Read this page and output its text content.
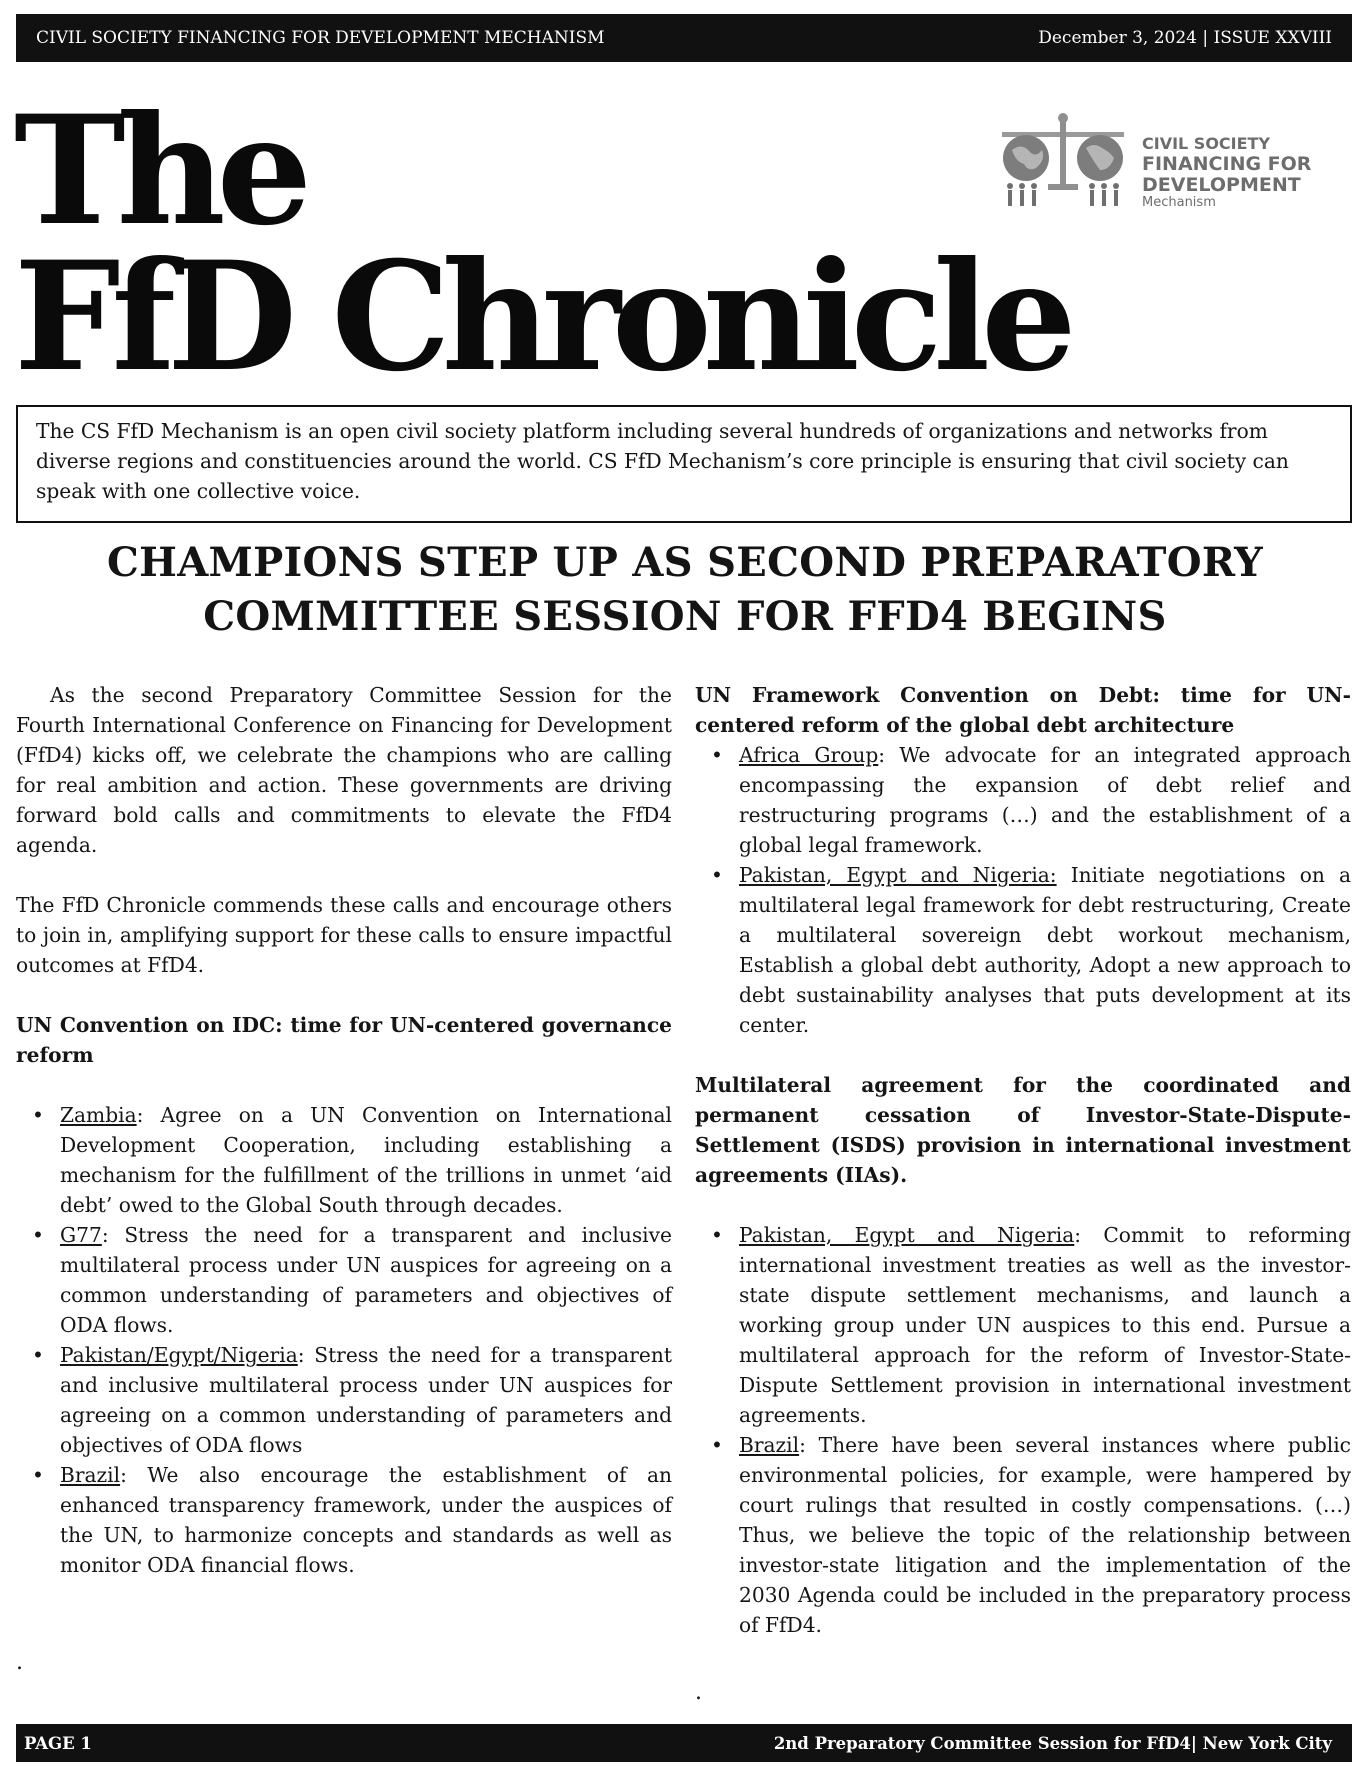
CIVIL SOCIETY FINANCING FOR DEVELOPMENT MECHANISM	December 3, 2024 | ISSUE XXVIII
The
FfD Chronicle
CIVIL SOCIETY
FINANCING FOR
DEVELOPMENT
Mechanism
The CS FfD Mechanism is an open civil society platform including several hundreds of organizations and networks from diverse regions and constituencies around the world. CS FfD Mechanism’s core principle is ensuring that civil society can speak with one collective voice.
CHAMPIONS STEP UP AS SECOND PREPARATORY
COMMITTEE SESSION FOR FFD4 BEGINS

As the second Preparatory Committee Session for the Fourth International Conference on Financing for Development (FfD4) kicks off, we celebrate the champions who are calling for real ambition and action. These governments are driving forward bold calls and commitments to elevate the FfD4 agenda.

The FfD Chronicle commends these calls and encourage others to join in, amplifying support for these calls to ensure impactful outcomes at FfD4.

UN Convention on IDC: time for UN-centered governance reform

• Zambia: Agree on a UN Convention on International Development Cooperation, including establishing a mechanism for the fulfillment of the trillions in unmet ‘aid debt’ owed to the Global South through decades.
• G77: Stress the need for a transparent and inclusive multilateral process under UN auspices for agreeing on a common understanding of parameters and objectives of ODA flows.
• Pakistan/Egypt/Nigeria: Stress the need for a transparent and inclusive multilateral process under UN auspices for agreeing on a common understanding of parameters and objectives of ODA flows
• Brazil: We also encourage the establishment of an enhanced transparency framework, under the auspices of the UN, to harmonize concepts and standards as well as monitor ODA financial flows.
.

UN Framework Convention on Debt: time for UN-centered reform of the global debt architecture

• Africa Group: We advocate for an integrated approach encompassing the expansion of debt relief and restructuring programs (…) and the establishment of a global legal framework.
• Pakistan, Egypt and Nigeria: Initiate negotiations on a multilateral legal framework for debt restructuring, Create a multilateral sovereign debt workout mechanism, Establish a global debt authority, Adopt a new approach to debt sustainability analyses that puts development at its center.

Multilateral agreement for the coordinated and permanent cessation of Investor-State-Dispute-Settlement (ISDS) provision in international investment agreements (IIAs).

• Pakistan, Egypt and Nigeria: Commit to reforming international investment treaties as well as the investor-state dispute settlement mechanisms, and launch a working group under UN auspices to this end. Pursue a multilateral approach for the reform of Investor-State-Dispute Settlement provision in international investment agreements.
• Brazil: There have been several instances where public environmental policies, for example, were hampered by court rulings that resulted in costly compensations. (…) Thus, we believe the topic of the relationship between investor-state litigation and the implementation of the 2030 Agenda could be included in the preparatory process of FfD4.
.
PAGE 1	2nd Preparatory Committee Session for FfD4| New York City
